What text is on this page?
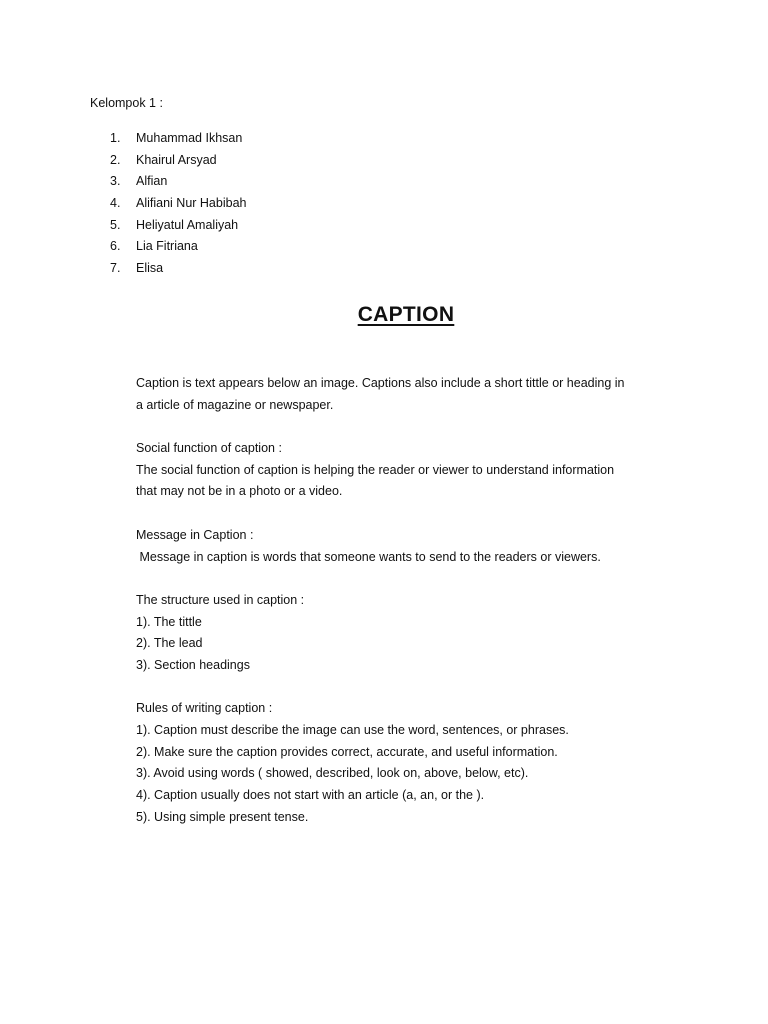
Kelompok 1 :
1. Muhammad Ikhsan
2. Khairul Arsyad
3. Alfian
4. Alifiani Nur Habibah
5. Heliyatul Amaliyah
6. Lia Fitriana
7. Elisa
CAPTION
Caption is text appears below an image. Captions also include a short tittle or heading in
a article of magazine or newspaper.
Social function of caption :
The social function of caption is helping the reader or viewer to understand information
that may not be in a photo or a video.
Message in Caption :
Message in caption is words that someone wants to send to the readers or viewers.
The structure used in caption :
1). The tittle
2). The lead
3). Section headings
Rules of writing caption :
1). Caption must describe the image can use the word, sentences, or phrases.
2). Make sure the caption provides correct, accurate, and useful information.
3). Avoid using words ( showed, described, look on, above, below, etc).
4). Caption usually does not start with an article (a, an, or the ).
5). Using simple present tense.
